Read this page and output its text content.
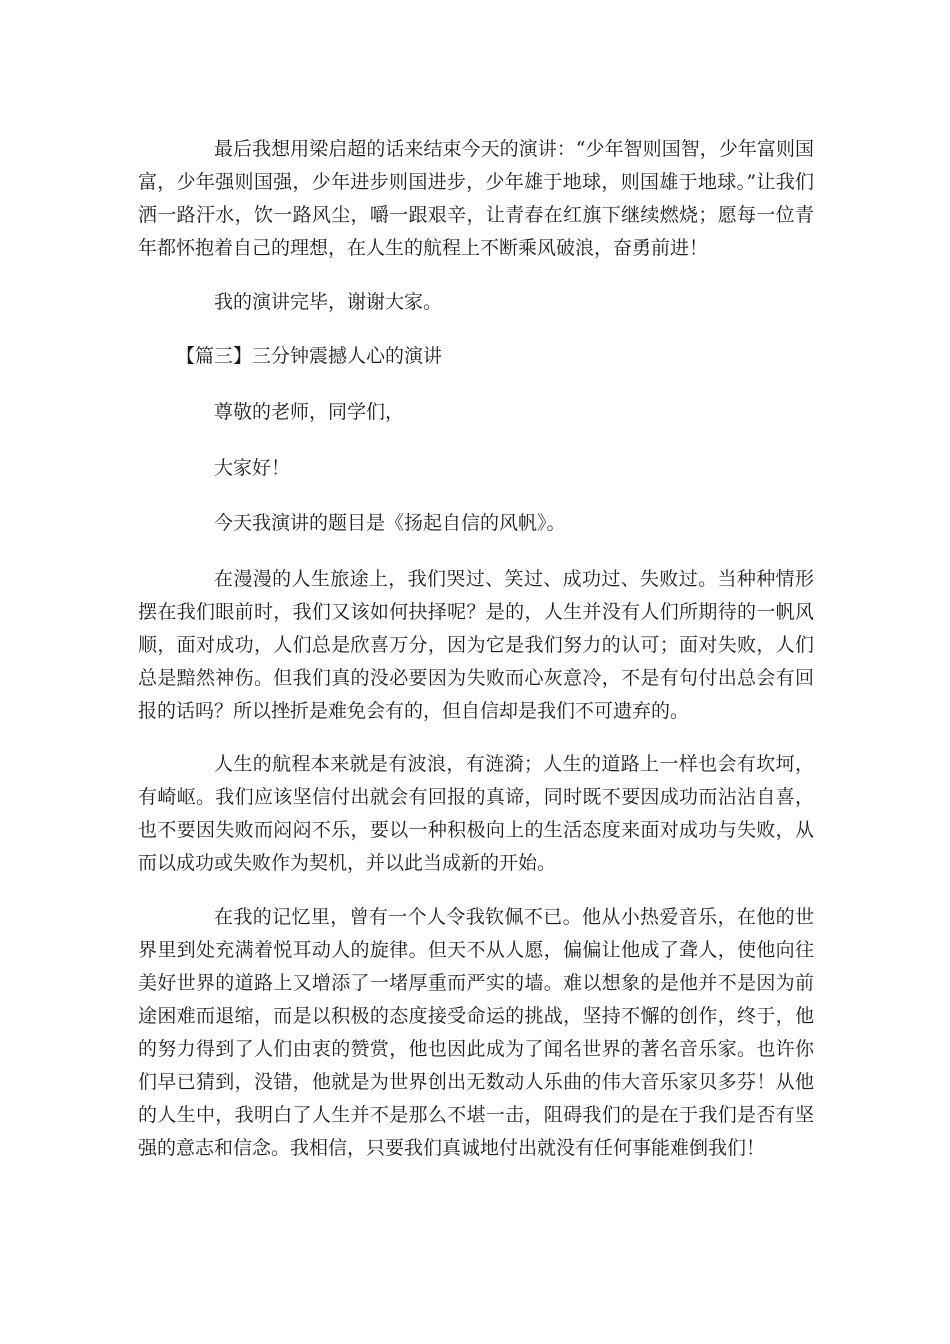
最后我想用梁启超的话来结束今天的演讲：“少年智则国智，少年富则国富，少年强则国强，少年进步则国进步，少年雄于地球，则国雄于地球。”让我们洒一路汗水，饮一路风尘，嚼一跟艰辛，让青春在红旗下继续燃烧；愿每一位青年都怀抱着自己的理想，在人生的航程上不断乘风破浪，奋勇前进！

我的演讲完毕，谢谢大家。

【篇三】三分钟震撼人心的演讲

尊敬的老师，同学们，

大家好！

今天我演讲的题目是《扬起自信的风帆》。

在漫漫的人生旅途上，我们哭过、笑过、成功过、失败过。当种种情形摆在我们眼前时，我们又该如何抉择呢？是的，人生并没有人们所期待的一帆风顺，面对成功，人们总是欣喜万分，因为它是我们努力的认可；面对失败，人们总是黯然神伤。但我们真的没必要因为失败而心灰意冷，不是有句付出总会有回报的话吗？所以挫折是难免会有的，但自信却是我们不可遗弃的。

人生的航程本来就是有波浪，有涟漪；人生的道路上一样也会有坎坷，有崎岖。我们应该坚信付出就会有回报的真谛，同时既不要因成功而沾沾自喜，也不要因失败而闷闷不乐，要以一种积极向上的生活态度来面对成功与失败，从而以成功或失败作为契机，并以此当成新的开始。

在我的记忆里，曾有一个人令我钦佩不已。他从小热爱音乐，在他的世界里到处充满着悦耳动人的旋律。但天不从人愿，偏偏让他成了聋人，使他向往美好世界的道路上又增添了一堵厚重而严实的墙。难以想象的是他并不是因为前途困难而退缩，而是以积极的态度接受命运的挑战，坚持不懈的创作，终于，他的努力得到了人们由衷的赞赏，他也因此成为了闻名世界的著名音乐家。也许你们早已猜到，没错，他就是为世界创出无数动人乐曲的伟大音乐家贝多芬！从他的人生中，我明白了人生并不是那么不堪一击，阻碍我们的是在于我们是否有坚强的意志和信念。我相信，只要我们真诚地付出就没有任何事能难倒我们！
